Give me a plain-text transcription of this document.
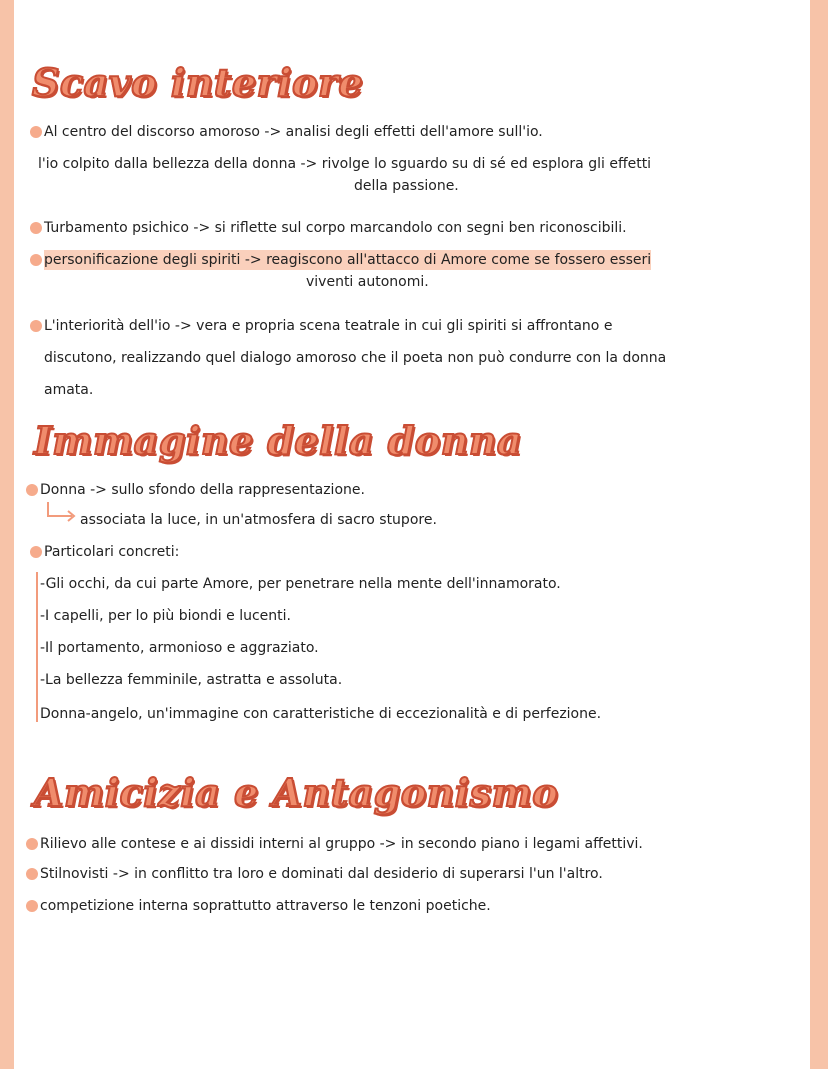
Scavo interiore

Al centro del discorso amoroso -> analisi degli effetti dell'amore sull'io.

l'io colpito dalla bellezza della donna -> rivolge lo sguardo su di sé ed esplora gli effetti

della passione.

Turbamento psichico -> si riflette sul corpo marcandolo con segni ben riconoscibili.

personificazione degli spiriti -> reagiscono all'attacco di Amore come se fossero esseri

viventi autonomi.

L'interiorità dell'io -> vera e propria scena teatrale in cui gli spiriti si affrontano e

discutono, realizzando quel dialogo amoroso che il poeta non può condurre con la donna

amata.

Immagine della donna

Donna -> sullo sfondo della rappresentazione.

associata la luce, in un'atmosfera di sacro stupore.

Particolari concreti:

-Gli occhi, da cui parte Amore, per penetrare nella mente dell'innamorato.

-I capelli, per lo più biondi e lucenti.

-Il portamento, armonioso e aggraziato.

-La bellezza femminile, astratta e assoluta.

Donna-angelo, un'immagine con caratteristiche di eccezionalità e di perfezione.

Amicizia e Antagonismo

Rilievo alle contese e ai dissidi interni al gruppo -> in secondo piano i legami affettivi.

Stilnovisti -> in conflitto tra loro e dominati dal desiderio di superarsi l'un l'altro.

competizione interna soprattutto attraverso le tenzoni poetiche.
